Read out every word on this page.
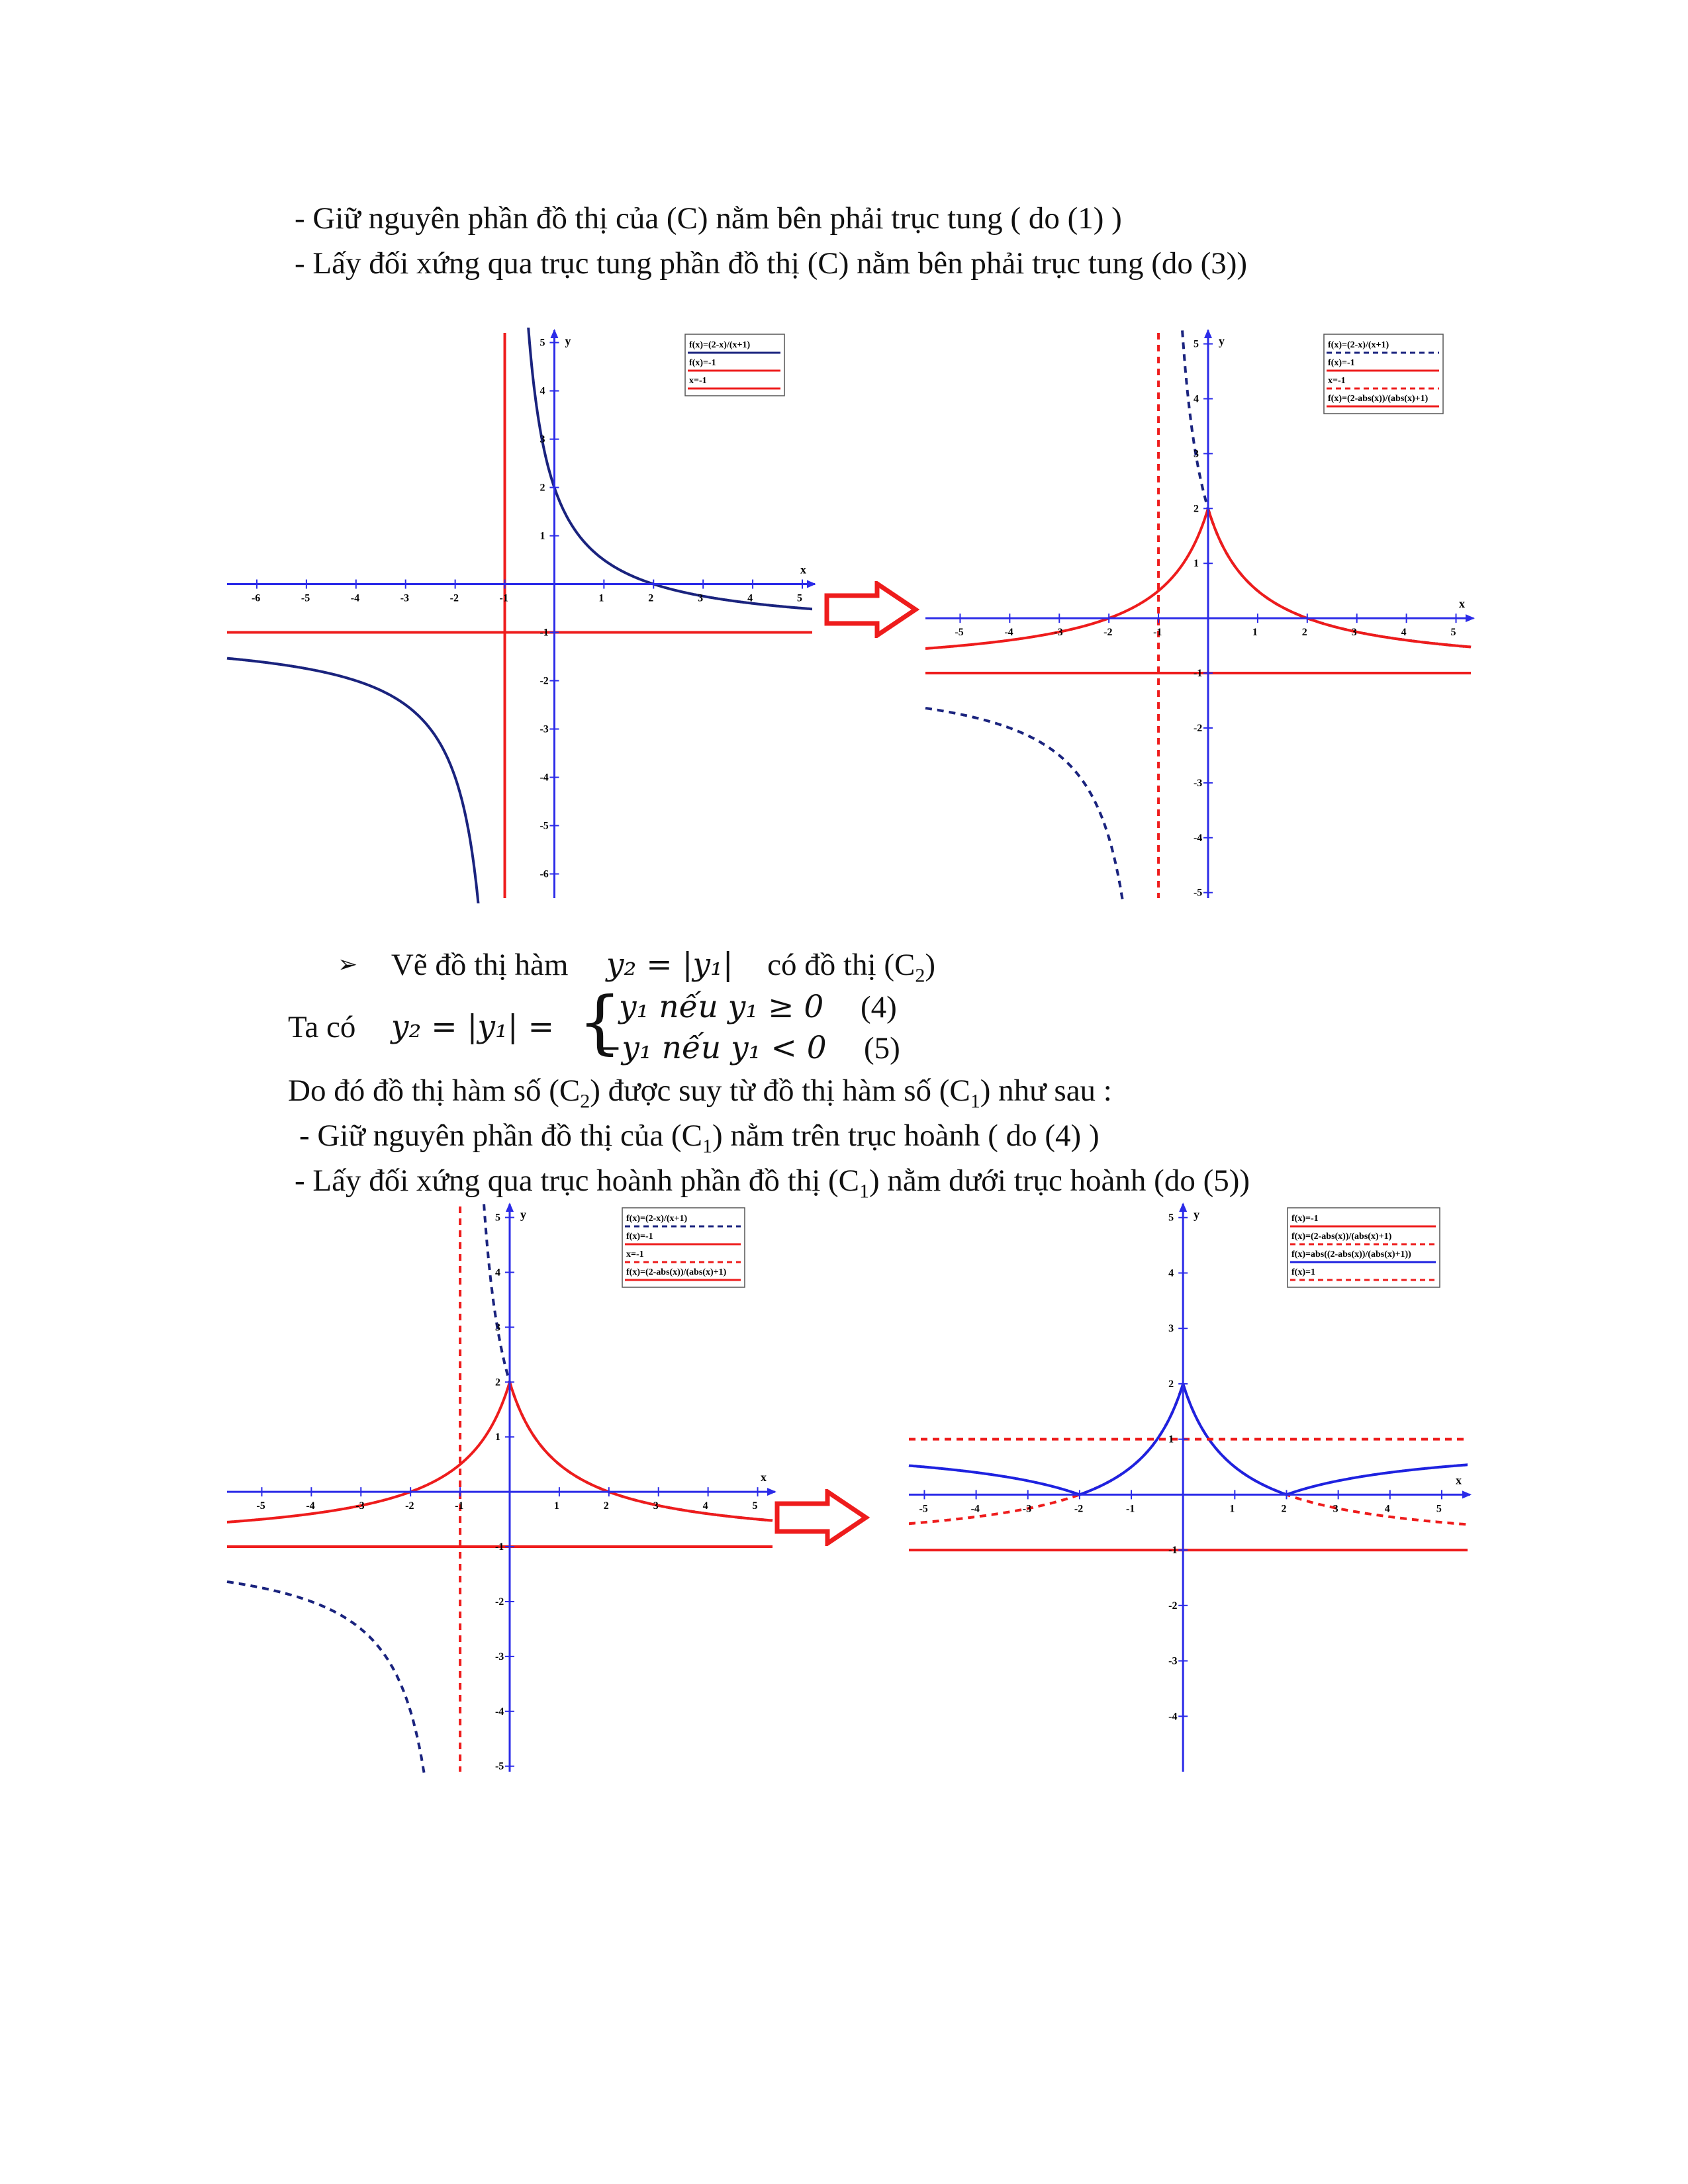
- Giữ nguyên phần đồ thị của (C) nằm bên phải trục tung ( do (1) )
- Lấy đối xứng qua trục tung phần đồ thị (C) nằm bên phải trục tung (do (3))
x
y
-6	-5	-4	-3	-2	-1	1	2	3	4	5
-6
-5
-4
-3
-2
-1
1
2
3
4
5	f(x)=(2-x)/(x+1)
f(x)=-1
x=-1
x
y
-5	-4	-3	-2	-1	1	2	3	4	5
-5
-4
-3
-2
-1
1
2
3
4
5	f(x)=(2-x)/(x+1)
f(x)=-1
x=-1
f(x)=(2-abs(x))/(abs(x)+1)
➢ Vẽ đồ thị hàm y₂ = |y₁| có đồ thị $(C_2)$
Ta có y₂ = |y₁| = {
y₁ nếu y₁ ≥ 0 (4)
−y₁ nếu y₁ < 0 (5)
Do đó đồ thị hàm số $(C_2)$ được suy từ đồ thị hàm số $(C_1)$ như sau :
- Giữ nguyên phần đồ thị của $(C_1)$ nằm trên trục hoành ( do (4) )
- Lấy đối xứng qua trục hoành phần đồ thị $(C_1)$ nằm dưới trục hoành (do (5))
x
y
-5	-4	-3	-2	-1	1	2	3	4	5
-5
-4
-3
-2
-1
1
2
3
4
5	f(x)=(2-x)/(x+1)
f(x)=-1
x=-1
f(x)=(2-abs(x))/(abs(x)+1)
x
y
-5	-4	-3	-2	-1	1	2	3	4	5
-4
-3
-2
-1
1
2
3
4
5	f(x)=-1
f(x)=(2-abs(x))/(abs(x)+1)
f(x)=abs((2-abs(x))/(abs(x)+1))
f(x)=1
